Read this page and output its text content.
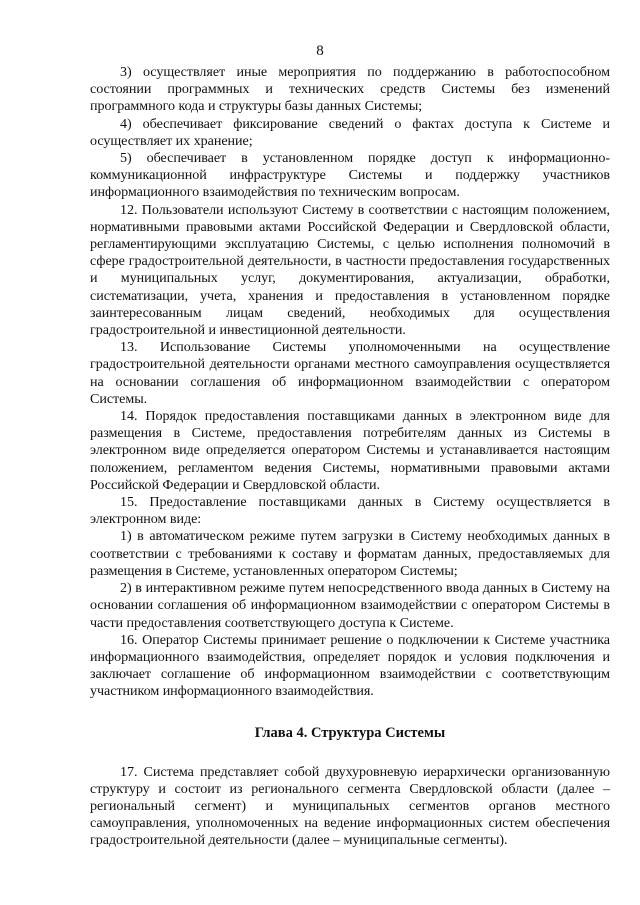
8

3) осуществляет иные мероприятия по поддержанию в работоспособном состоянии программных и технических средств Системы без изменений программного кода и структуры базы данных Системы;

4) обеспечивает фиксирование сведений о фактах доступа к Системе и осуществляет их хранение;

5) обеспечивает в установленном порядке доступ к информационно-коммуникационной инфраструктуре Системы и поддержку участников информационного взаимодействия по техническим вопросам.

12. Пользователи используют Систему в соответствии с настоящим положением, нормативными правовыми актами Российской Федерации и Свердловской области, регламентирующими эксплуатацию Системы, с целью исполнения полномочий в сфере градостроительной деятельности, в частности предоставления государственных и муниципальных услуг, документирования, актуализации, обработки, систематизации, учета, хранения и предоставления в установленном порядке заинтересованным лицам сведений, необходимых для осуществления градостроительной и инвестиционной деятельности.

13. Использование Системы уполномоченными на осуществление градостроительной деятельности органами местного самоуправления осуществляется на основании соглашения об информационном взаимодействии с оператором Системы.

14. Порядок предоставления поставщиками данных в электронном виде для размещения в Системе, предоставления потребителям данных из Системы в электронном виде определяется оператором Системы и устанавливается настоящим положением, регламентом ведения Системы, нормативными правовыми актами Российской Федерации и Свердловской области.

15. Предоставление поставщиками данных в Систему осуществляется в электронном виде:

1) в автоматическом режиме путем загрузки в Систему необходимых данных в соответствии с требованиями к составу и форматам данных, предоставляемых для размещения в Системе, установленных оператором Системы;

2) в интерактивном режиме путем непосредственного ввода данных в Систему на основании соглашения об информационном взаимодействии с оператором Системы в части предоставления соответствующего доступа к Системе.

16. Оператор Системы принимает решение о подключении к Системе участника информационного взаимодействия, определяет порядок и условия подключения и заключает соглашение об информационном взаимодействии с соответствующим участником информационного взаимодействия.

Глава 4. Структура Системы

17. Система представляет собой двухуровневую иерархически организованную структуру и состоит из регионального сегмента Свердловской области (далее – региональный сегмент) и муниципальных сегментов органов местного самоуправления, уполномоченных на ведение информационных систем обеспечения градостроительной деятельности (далее – муниципальные сегменты).
